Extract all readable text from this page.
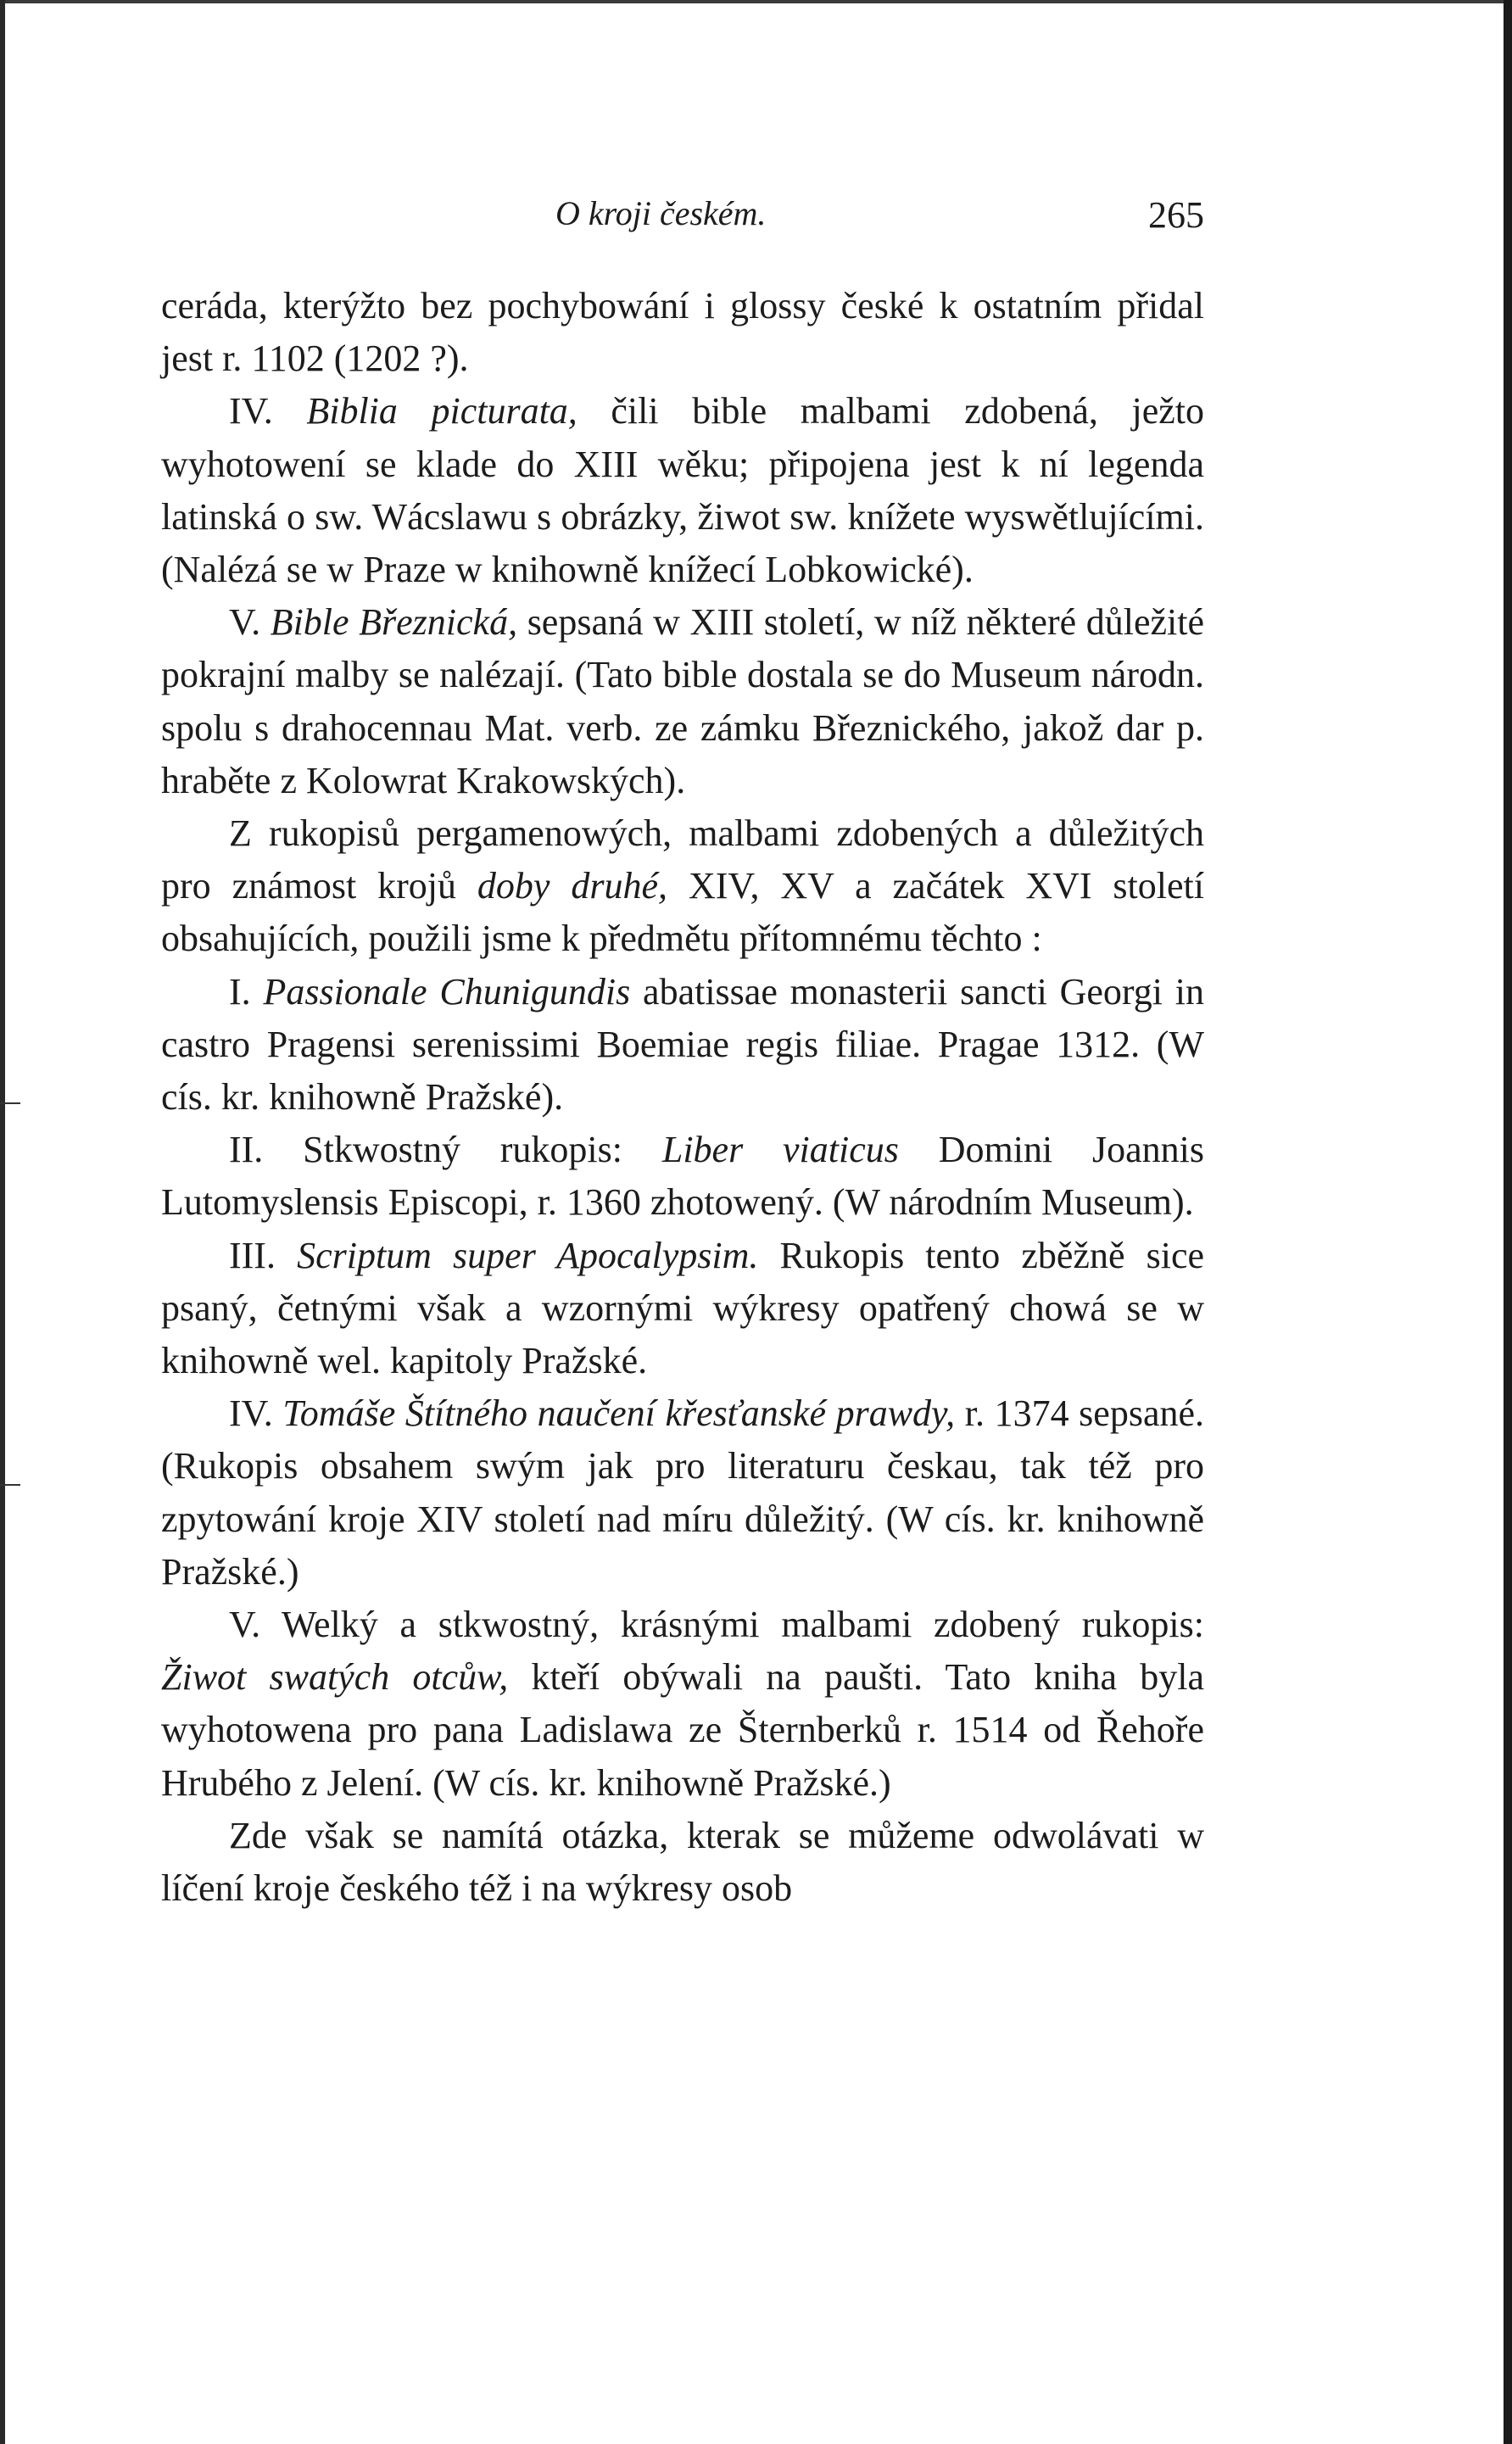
O kroji českém.	265

ceráda, kterýžto bez pochybowání i glossy české k ostatním přidal jest r. 1102 (1202 ?).

IV. Biblia picturata, čili bible malbami zdobená, ježto wyhotowení se klade do XIII wěku; připojena jest k ní legenda latinská o sw. Wácslawu s obrázky, žiwot sw. knížete wyswětlujícími. (Nalézá se w Praze w knihowně knížecí Lobkowické).

V. Bible Březnická, sepsaná w XIII století, w níž některé důležité pokrajní malby se nalézají. (Tato bible dostala se do Museum národn. spolu s drahocennau Mat. verb. ze zámku Březnického, jakož dar p. hraběte z Kolowrat Krakowských).

Z rukopisů pergamenowých, malbami zdobených a důležitých pro známost krojů doby druhé, XIV, XV a začátek XVI století obsahujících, použili jsme k předmětu přítomnému těchto :

I. Passionale Chunigundis abatissae monasterii sancti Georgi in castro Pragensi serenissimi Boemiae regis filiae. Pragae 1312. (W cís. kr. knihowně Pražské).

II. Stkwostný rukopis: Liber viaticus Domini Joannis Lutomyslensis Episcopi, r. 1360 zhotowený. (W národním Museum).

III. Scriptum super Apocalypsim. Rukopis tento zběžně sice psaný, četnými však a wzornými wýkresy opatřený chowá se w knihowně wel. kapitoly Pražské.

IV. Tomáše Štítného naučení křesťanské prawdy, r. 1374 sepsané. (Rukopis obsahem swým jak pro literaturu českau, tak též pro zpytowání kroje XIV století nad míru důležitý. (W cís. kr. knihowně Pražské.)

V. Welký a stkwostný, krásnými malbami zdobený rukopis: Žiwot swatých otcůw, kteří obýwali na paušti. Tato kniha byla wyhotowena pro pana Ladislawa ze Šternberků r. 1514 od Řehoře Hrubého z Jelení. (W cís. kr. knihowně Pražské.)

Zde však se namítá otázka, kterak se můžeme odwolávati w líčení kroje českého též i na wýkresy osob
